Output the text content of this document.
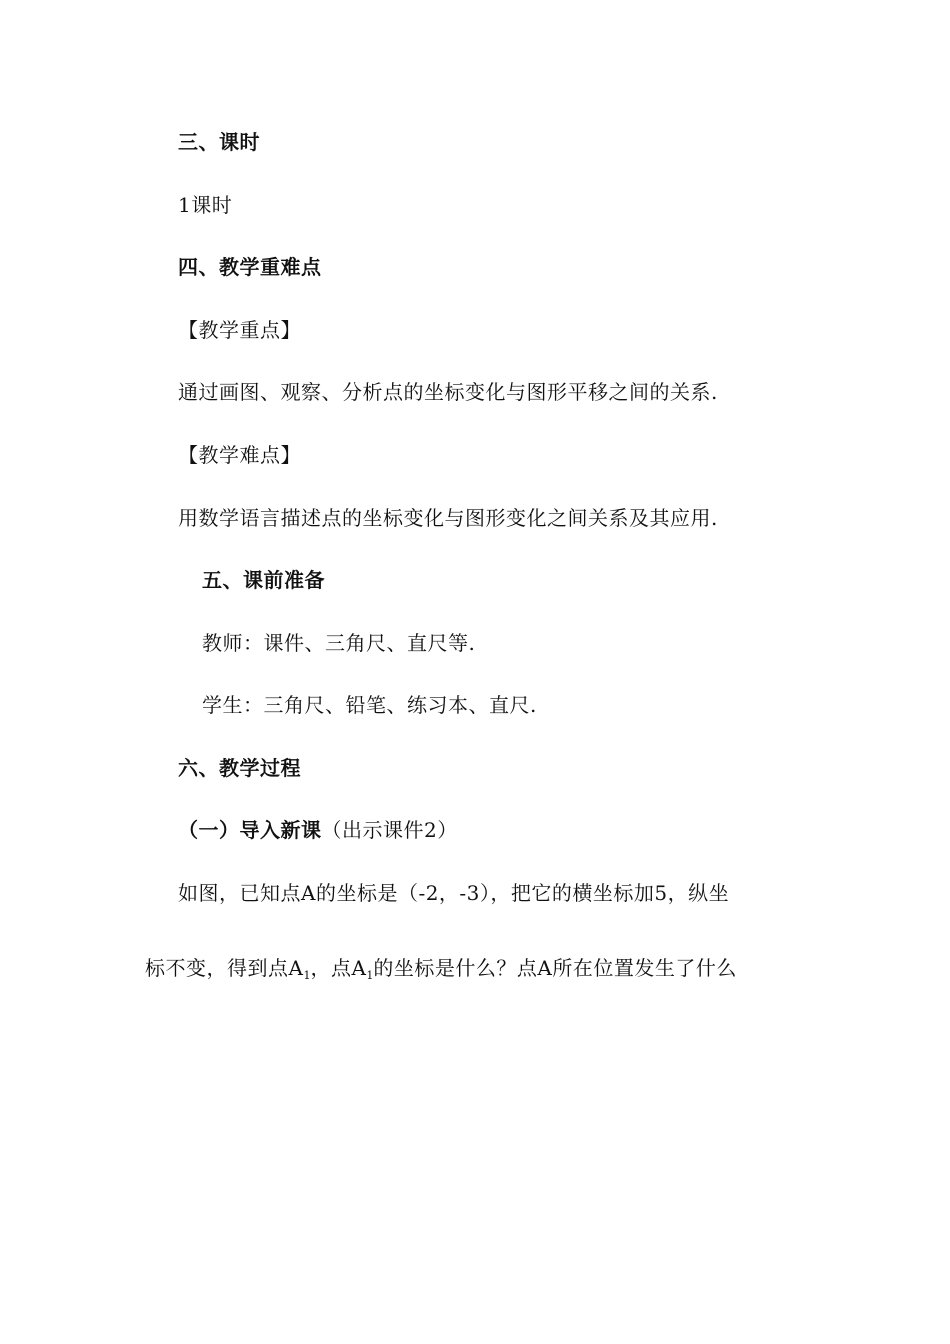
三、课时
1课时
四、教学重难点
【教学重点】
通过画图、观察、分析点的坐标变化与图形平移之间的关系.
【教学难点】
用数学语言描述点的坐标变化与图形变化之间关系及其应用.
五、课前准备
教师：课件、三角尺、直尺等.
学生：三角尺、铅笔、练习本、直尺.
六、教学过程
（一）导入新课（出示课件2）
如图，已知点A的坐标是（-2，-3），把它的横坐标加5，纵坐
标不变，得到点$A_1$，点$A_1$的坐标是什么？点A所在位置发生了什么
